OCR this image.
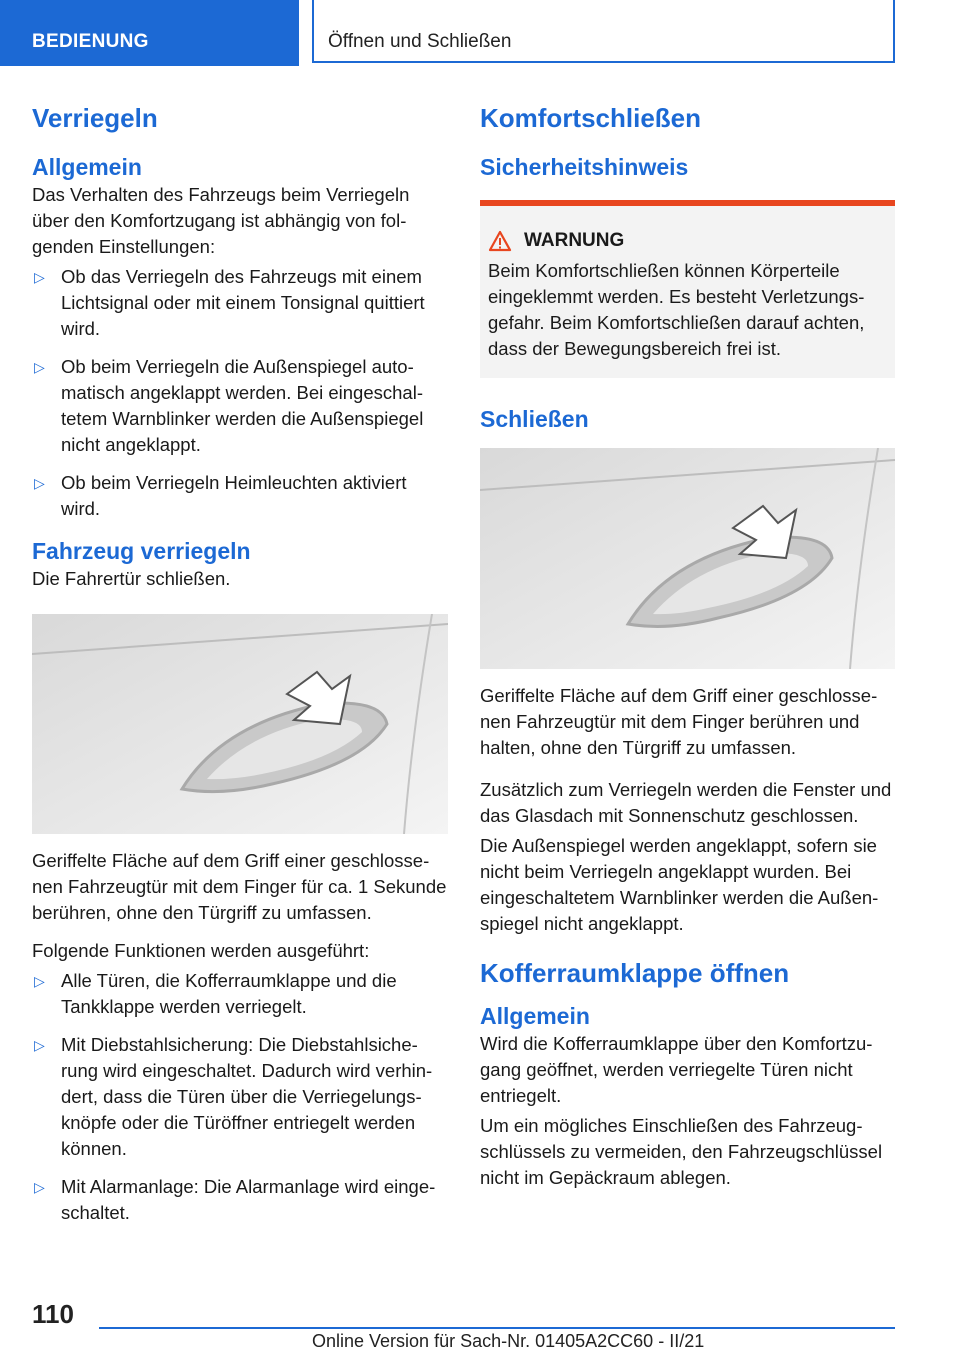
BEDIENUNG	Öffnen und Schließen
Verriegeln
Allgemein

Das Verhalten des Fahrzeugs beim Verriegeln über den Komfortzugang ist abhängig von folgenden Einstellungen:

▷ Ob das Verriegeln des Fahrzeugs mit einem Lichtsignal oder mit einem Tonsignal quittiert wird.
▷ Ob beim Verriegeln die Außenspiegel automatisch angeklappt werden. Bei eingeschaltetem Warnblinker werden die Außenspiegel nicht angeklappt.
▷ Ob beim Verriegeln Heimleuchten aktiviert wird.
Fahrzeug verriegeln

Die Fahrertür schließen.

Geriffelte Fläche auf dem Griff einer geschlossenen Fahrzeugtür mit dem Finger für ca. 1 Sekunde berühren, ohne den Türgriff zu umfassen.

Folgende Funktionen werden ausgeführt:

▷ Alle Türen, die Kofferraumklappe und die Tankklappe werden verriegelt.
▷ Mit Diebstahlsicherung: Die Diebstahlsicherung wird eingeschaltet. Dadurch wird verhindert, dass die Türen über die Verriegelungsknöpfe oder die Türöffner entriegelt werden können.
▷ Mit Alarmanlage: Die Alarmanlage wird eingeschaltet.
Komfortschließen
Sicherheitshinweis
WARNUNG

Beim Komfortschließen können Körperteile eingeklemmt werden. Es besteht Verletzungsgefahr. Beim Komfortschließen darauf achten, dass der Bewegungsbereich frei ist.

Schließen

Geriffelte Fläche auf dem Griff einer geschlossenen Fahrzeugtür mit dem Finger berühren und halten, ohne den Türgriff zu umfassen.

Zusätzlich zum Verriegeln werden die Fenster und das Glasdach mit Sonnenschutz geschlossen.

Die Außenspiegel werden angeklappt, sofern sie nicht beim Verriegeln angeklappt wurden. Bei eingeschaltetem Warnblinker werden die Außenspiegel nicht angeklappt.

Kofferraumklappe öffnen
Allgemein

Wird die Kofferraumklappe über den Komfortzugang geöffnet, werden verriegelte Türen nicht entriegelt.

Um ein mögliches Einschließen des Fahrzeugschlüssels zu vermeiden, den Fahrzeugschlüssel nicht im Gepäckraum ablegen.

110
Online Version für Sach-Nr. 01405A2CC60 - II/21
